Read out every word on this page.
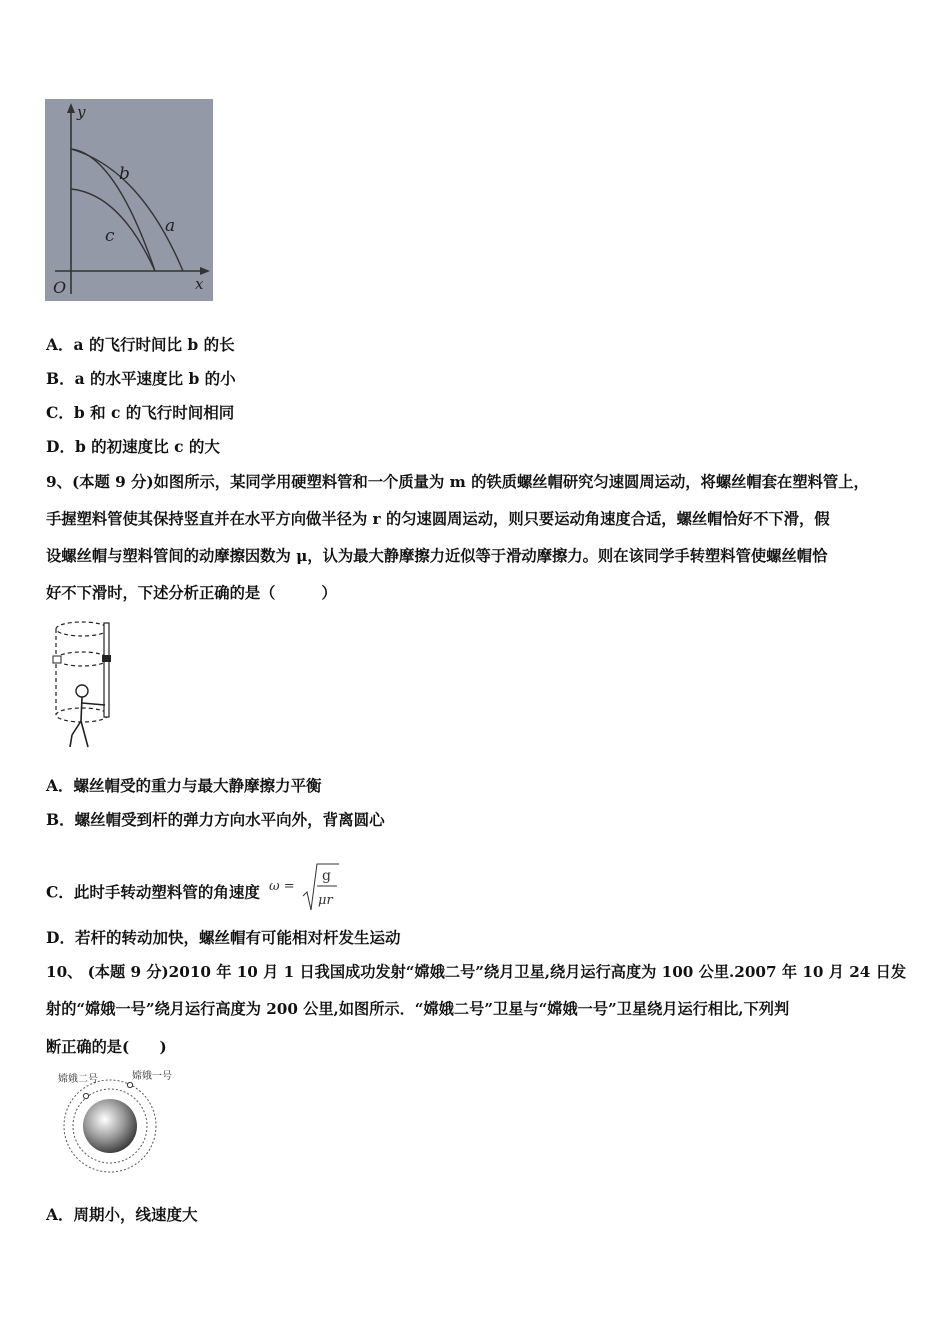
y
x
O
b
a
c
A．a 的飞行时间比 b 的长
B．a 的水平速度比 b 的小
C．b 和 c 的飞行时间相同
D．b 的初速度比 c 的大
9、(本题 9 分)如图所示，某同学用硬塑料管和一个质量为 m 的铁质螺丝帽研究匀速圆周运动，将螺丝帽套在塑料管上，
手握塑料管使其保持竖直并在水平方向做半径为 r 的匀速圆周运动，则只要运动角速度合适，螺丝帽恰好不下滑，假
设螺丝帽与塑料管间的动摩擦因数为 μ，认为最大静摩擦力近似等于滑动摩擦力。则在该同学手转塑料管使螺丝帽恰
好不下滑时，下述分析正确的是（　　　）
A．螺丝帽受的重力与最大静摩擦力平衡
B．螺丝帽受到杆的弹力方向水平向外，背离圆心
C．此时手转动塑料管的角速度 ω =
g
μr
D．若杆的转动加快，螺丝帽有可能相对杆发生运动
10、 (本题 9 分)2010 年 10 月 1 日我国成功发射“嫦娥二号”绕月卫星,绕月运行高度为 100 公里.2007 年 10 月 24 日发
射的“嫦娥一号”绕月运行高度为 200 公里,如图所示．“嫦娥二号”卫星与“嫦娥一号”卫星绕月运行相比,下列判
断正确的是(　　)
嫦娥二号	嫦娥一号
A．周期小，线速度大
